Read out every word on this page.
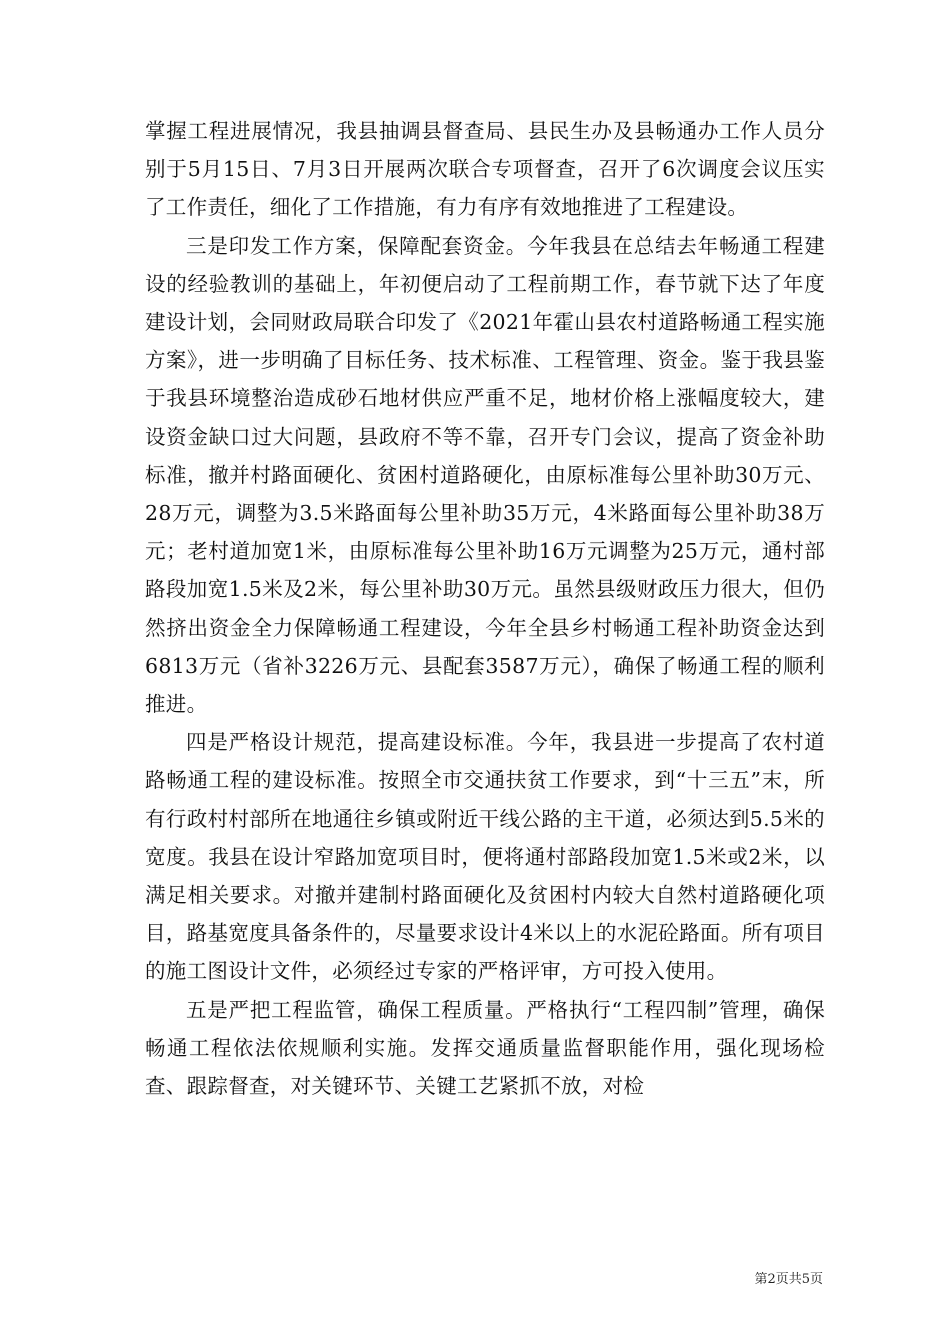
掌握工程进展情况，我县抽调县督查局、县民生办及县畅通办工作人员分别于5月15日、7月3日开展两次联合专项督查，召开了6次调度会议压实了工作责任，细化了工作措施，有力有序有效地推进了工程建设。

三是印发工作方案，保障配套资金。今年我县在总结去年畅通工程建设的经验教训的基础上，年初便启动了工程前期工作，春节就下达了年度建设计划，会同财政局联合印发了《2021年霍山县农村道路畅通工程实施方案》，进一步明确了目标任务、技术标准、工程管理、资金。鉴于我县鉴于我县环境整治造成砂石地材供应严重不足，地材价格上涨幅度较大，建设资金缺口过大问题，县政府不等不靠，召开专门会议，提高了资金补助标准，撤并村路面硬化、贫困村道路硬化，由原标准每公里补助30万元、28万元，调整为3.5米路面每公里补助35万元，4米路面每公里补助38万元；老村道加宽1米，由原标准每公里补助16万元调整为25万元，通村部路段加宽1.5米及2米，每公里补助30万元。虽然县级财政压力很大，但仍然挤出资金全力保障畅通工程建设，今年全县乡村畅通工程补助资金达到6813万元（省补3226万元、县配套3587万元），确保了畅通工程的顺利推进。

四是严格设计规范，提高建设标准。今年，我县进一步提高了农村道路畅通工程的建设标准。按照全市交通扶贫工作要求，到“十三五”末，所有行政村村部所在地通往乡镇或附近干线公路的主干道，必须达到5.5米的宽度。我县在设计窄路加宽项目时，便将通村部路段加宽1.5米或2米，以满足相关要求。对撤并建制村路面硬化及贫困村内较大自然村道路硬化项目，路基宽度具备条件的，尽量要求设计4米以上的水泥砼路面。所有项目的施工图设计文件，必须经过专家的严格评审，方可投入使用。

五是严把工程监管，确保工程质量。严格执行“工程四制”管理，确保畅通工程依法依规顺利实施。发挥交通质量监督职能作用，强化现场检查、跟踪督查，对关键环节、关键工艺紧抓不放，对检

第2页共5页
